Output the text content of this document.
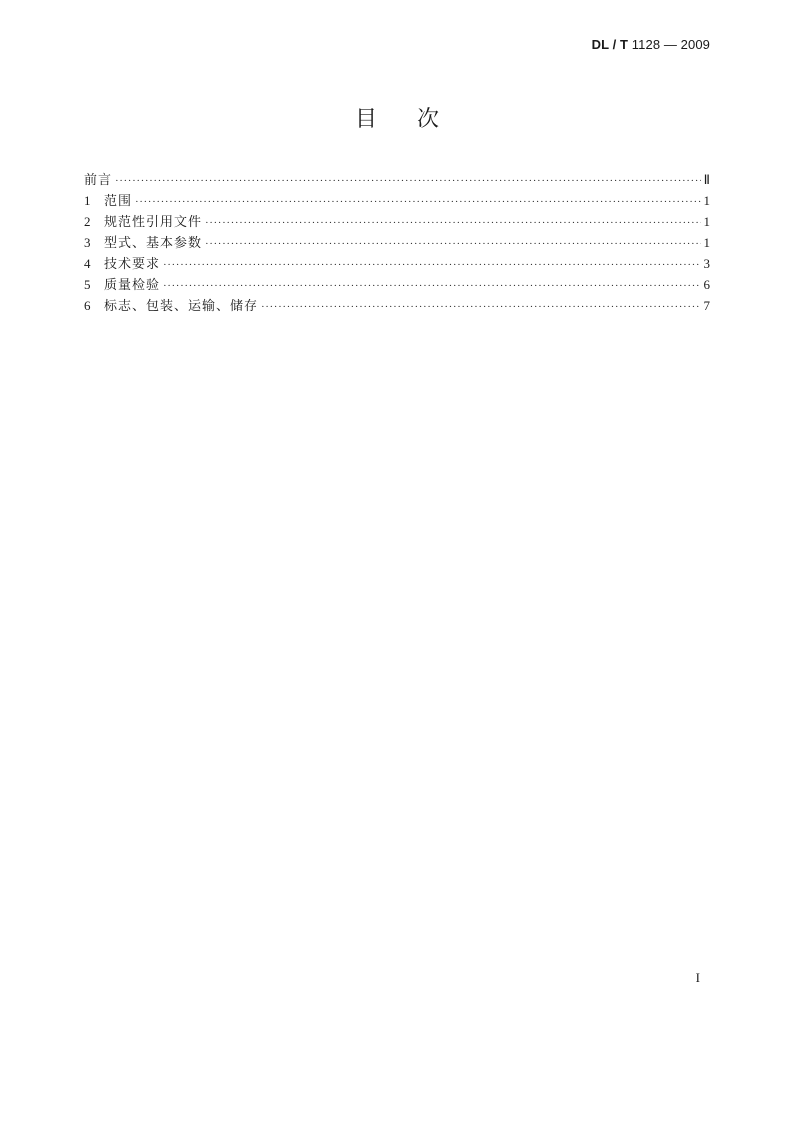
DL / T 1128 — 2009
目次
前言 ·····	Ⅱ
1	范围 ·····	1
2	规范性引用文件 ·····	1
3	型式、基本参数 ·····	1
4	技术要求 ·····	3
5	质量检验 ·····	6
6	标志、包装、运输、储存 ·····	7
I
